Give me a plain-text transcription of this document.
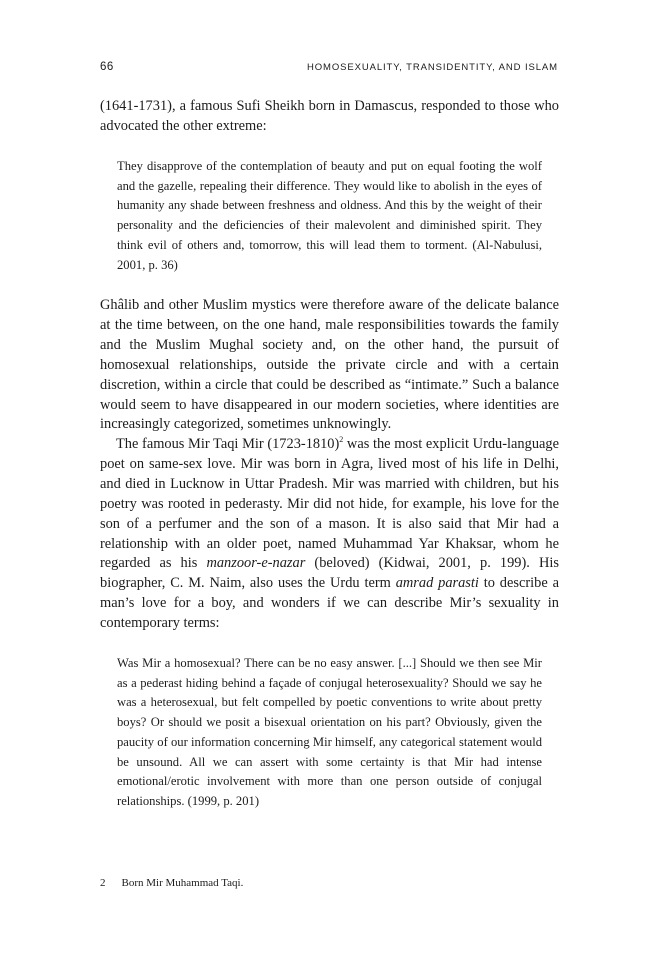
66	HOMOSEXUALITY, TRANSIDENTITY, AND ISLAM

(1641-1731), a famous Sufi Sheikh born in Damascus, responded to those who advocated the other extreme:

They disapprove of the contemplation of beauty and put on equal footing the wolf and the gazelle, repealing their difference. They would like to abolish in the eyes of humanity any shade between freshness and oldness. And this by the weight of their personality and the deficiencies of their malevolent and diminished spirit. They think evil of others and, tomorrow, this will lead them to torment. (Al-Nabulusi, 2001, p. 36)

Ghâlib and other Muslim mystics were therefore aware of the delicate balance at the time between, on the one hand, male responsibilities towards the family and the Muslim Mughal society and, on the other hand, the pursuit of homosexual relationships, outside the private circle and with a certain discretion, within a circle that could be described as “intimate.” Such a balance would seem to have disappeared in our modern societies, where identities are increasingly categorized, sometimes unknowingly.

The famous Mir Taqi Mir (1723-1810)$^2$ was the most explicit Urdu-language poet on same-sex love. Mir was born in Agra, lived most of his life in Delhi, and died in Lucknow in Uttar Pradesh. Mir was married with children, but his poetry was rooted in pederasty. Mir did not hide, for example, his love for the son of a perfumer and the son of a mason. It is also said that Mir had a relationship with an older poet, named Muhammad Yar Khaksar, whom he regarded as his manzoor-e-nazar (beloved) (Kidwai, 2001, p. 199). His biographer, C. M. Naim, also uses the Urdu term amrad parasti to describe a man’s love for a boy, and wonders if we can describe Mir’s sexuality in contemporary terms:

Was Mir a homosexual? There can be no easy answer. [...] Should we then see Mir as a pederast hiding behind a façade of conjugal heterosexuality? Should we say he was a heterosexual, but felt compelled by poetic conventions to write about pretty boys? Or should we posit a bisexual orientation on his part? Obviously, given the paucity of our information concerning Mir himself, any categorical statement would be unsound. All we can assert with some certainty is that Mir had intense emotional/erotic involvement with more than one person outside of conjugal relationships. (1999, p. 201)

2 Born Mir Muhammad Taqi.
